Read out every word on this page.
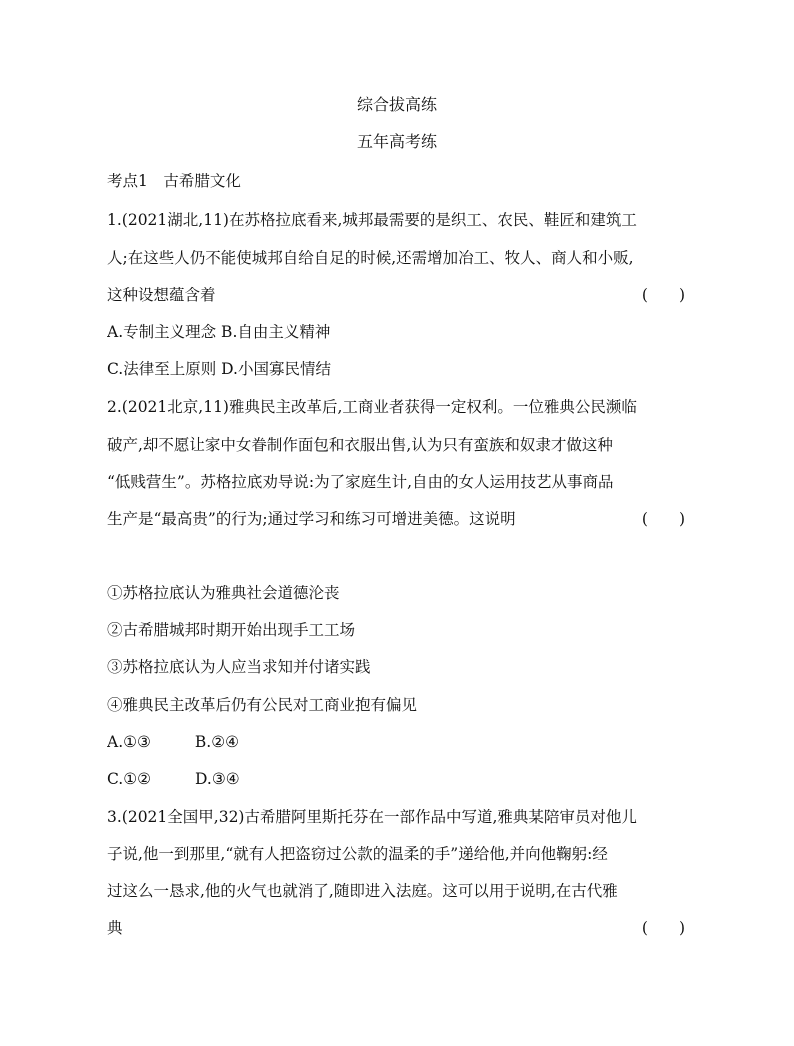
综合拔高练
五年高考练
考点1　古希腊文化
1.(2021湖北,11)在苏格拉底看来,城邦最需要的是织工、农民、鞋匠和建筑工
人;在这些人仍不能使城邦自给自足的时候,还需增加冶工、牧人、商人和小贩,
这种设想蕴含着	(　　)
A.专制主义理念 B.自由主义精神
C.法律至上原则 D.小国寡民情结
2.(2021北京,11)雅典民主改革后,工商业者获得一定权利。一位雅典公民濒临
破产,却不愿让家中女眷制作面包和衣服出售,认为只有蛮族和奴隶才做这种
“低贱营生”。苏格拉底劝导说:为了家庭生计,自由的女人运用技艺从事商品
生产是“最高贵”的行为;通过学习和练习可增进美德。这说明	(　　)
①苏格拉底认为雅典社会道德沦丧
②古希腊城邦时期开始出现手工工场
③苏格拉底认为人应当求知并付诸实践
④雅典民主改革后仍有公民对工商业抱有偏见
A.①③	B.②④
C.①②	D.③④
3.(2021全国甲,32)古希腊阿里斯托芬在一部作品中写道,雅典某陪审员对他儿
子说,他一到那里,“就有人把盗窃过公款的温柔的手”递给他,并向他鞠躬:经
过这么一恳求,他的火气也就消了,随即进入法庭。这可以用于说明,在古代雅
典	(　　)
